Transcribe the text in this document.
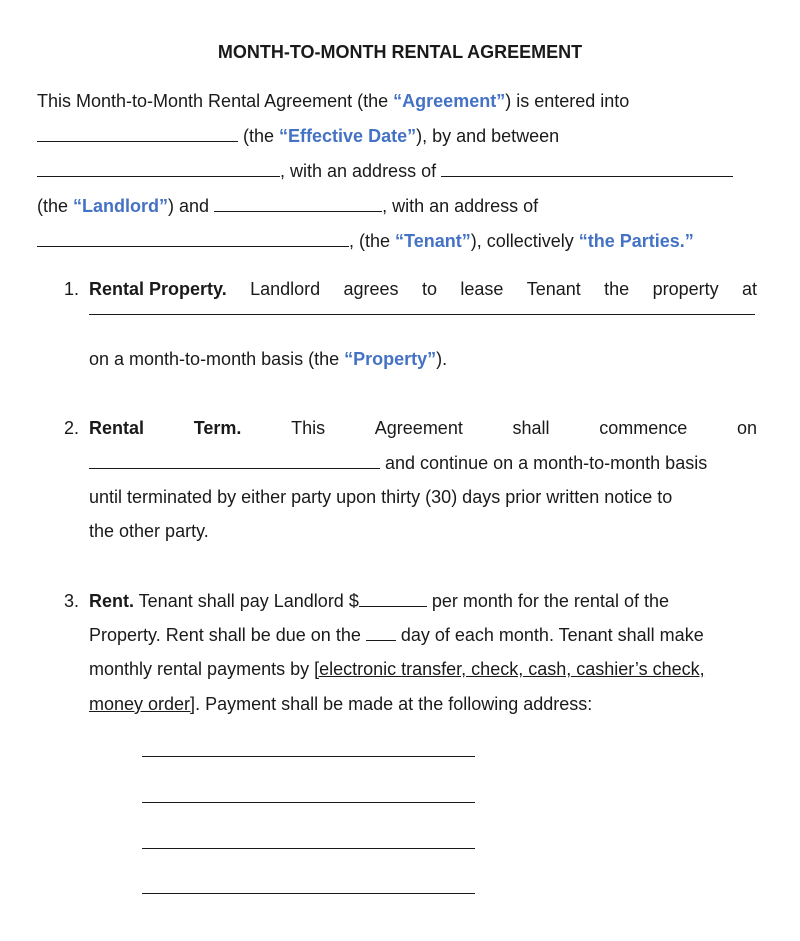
MONTH-TO-MONTH RENTAL AGREEMENT
This Month-to-Month Rental Agreement (the “Agreement”) is entered into
(the “Effective Date”), by and between
, with an address of
(the “Landlord”) and	, with an address of
, (the “Tenant”), collectively “the Parties.”
1. Rental Property. Landlord agrees to lease Tenant the property at
on a month-to-month basis (the “Property”).
2. Rental	Term.	This	Agreement	shall	commence	on
and continue on a month-to-month basis
until terminated by either party upon thirty (30) days prior written notice to
the other party.
3. Rent. Tenant shall pay Landlord $	per month for the rental of the
Property. Rent shall be due on the  day of each month. Tenant shall make
monthly rental payments by [electronic transfer, check, cash, cashier’s check,
money order]. Payment shall be made at the following address:
